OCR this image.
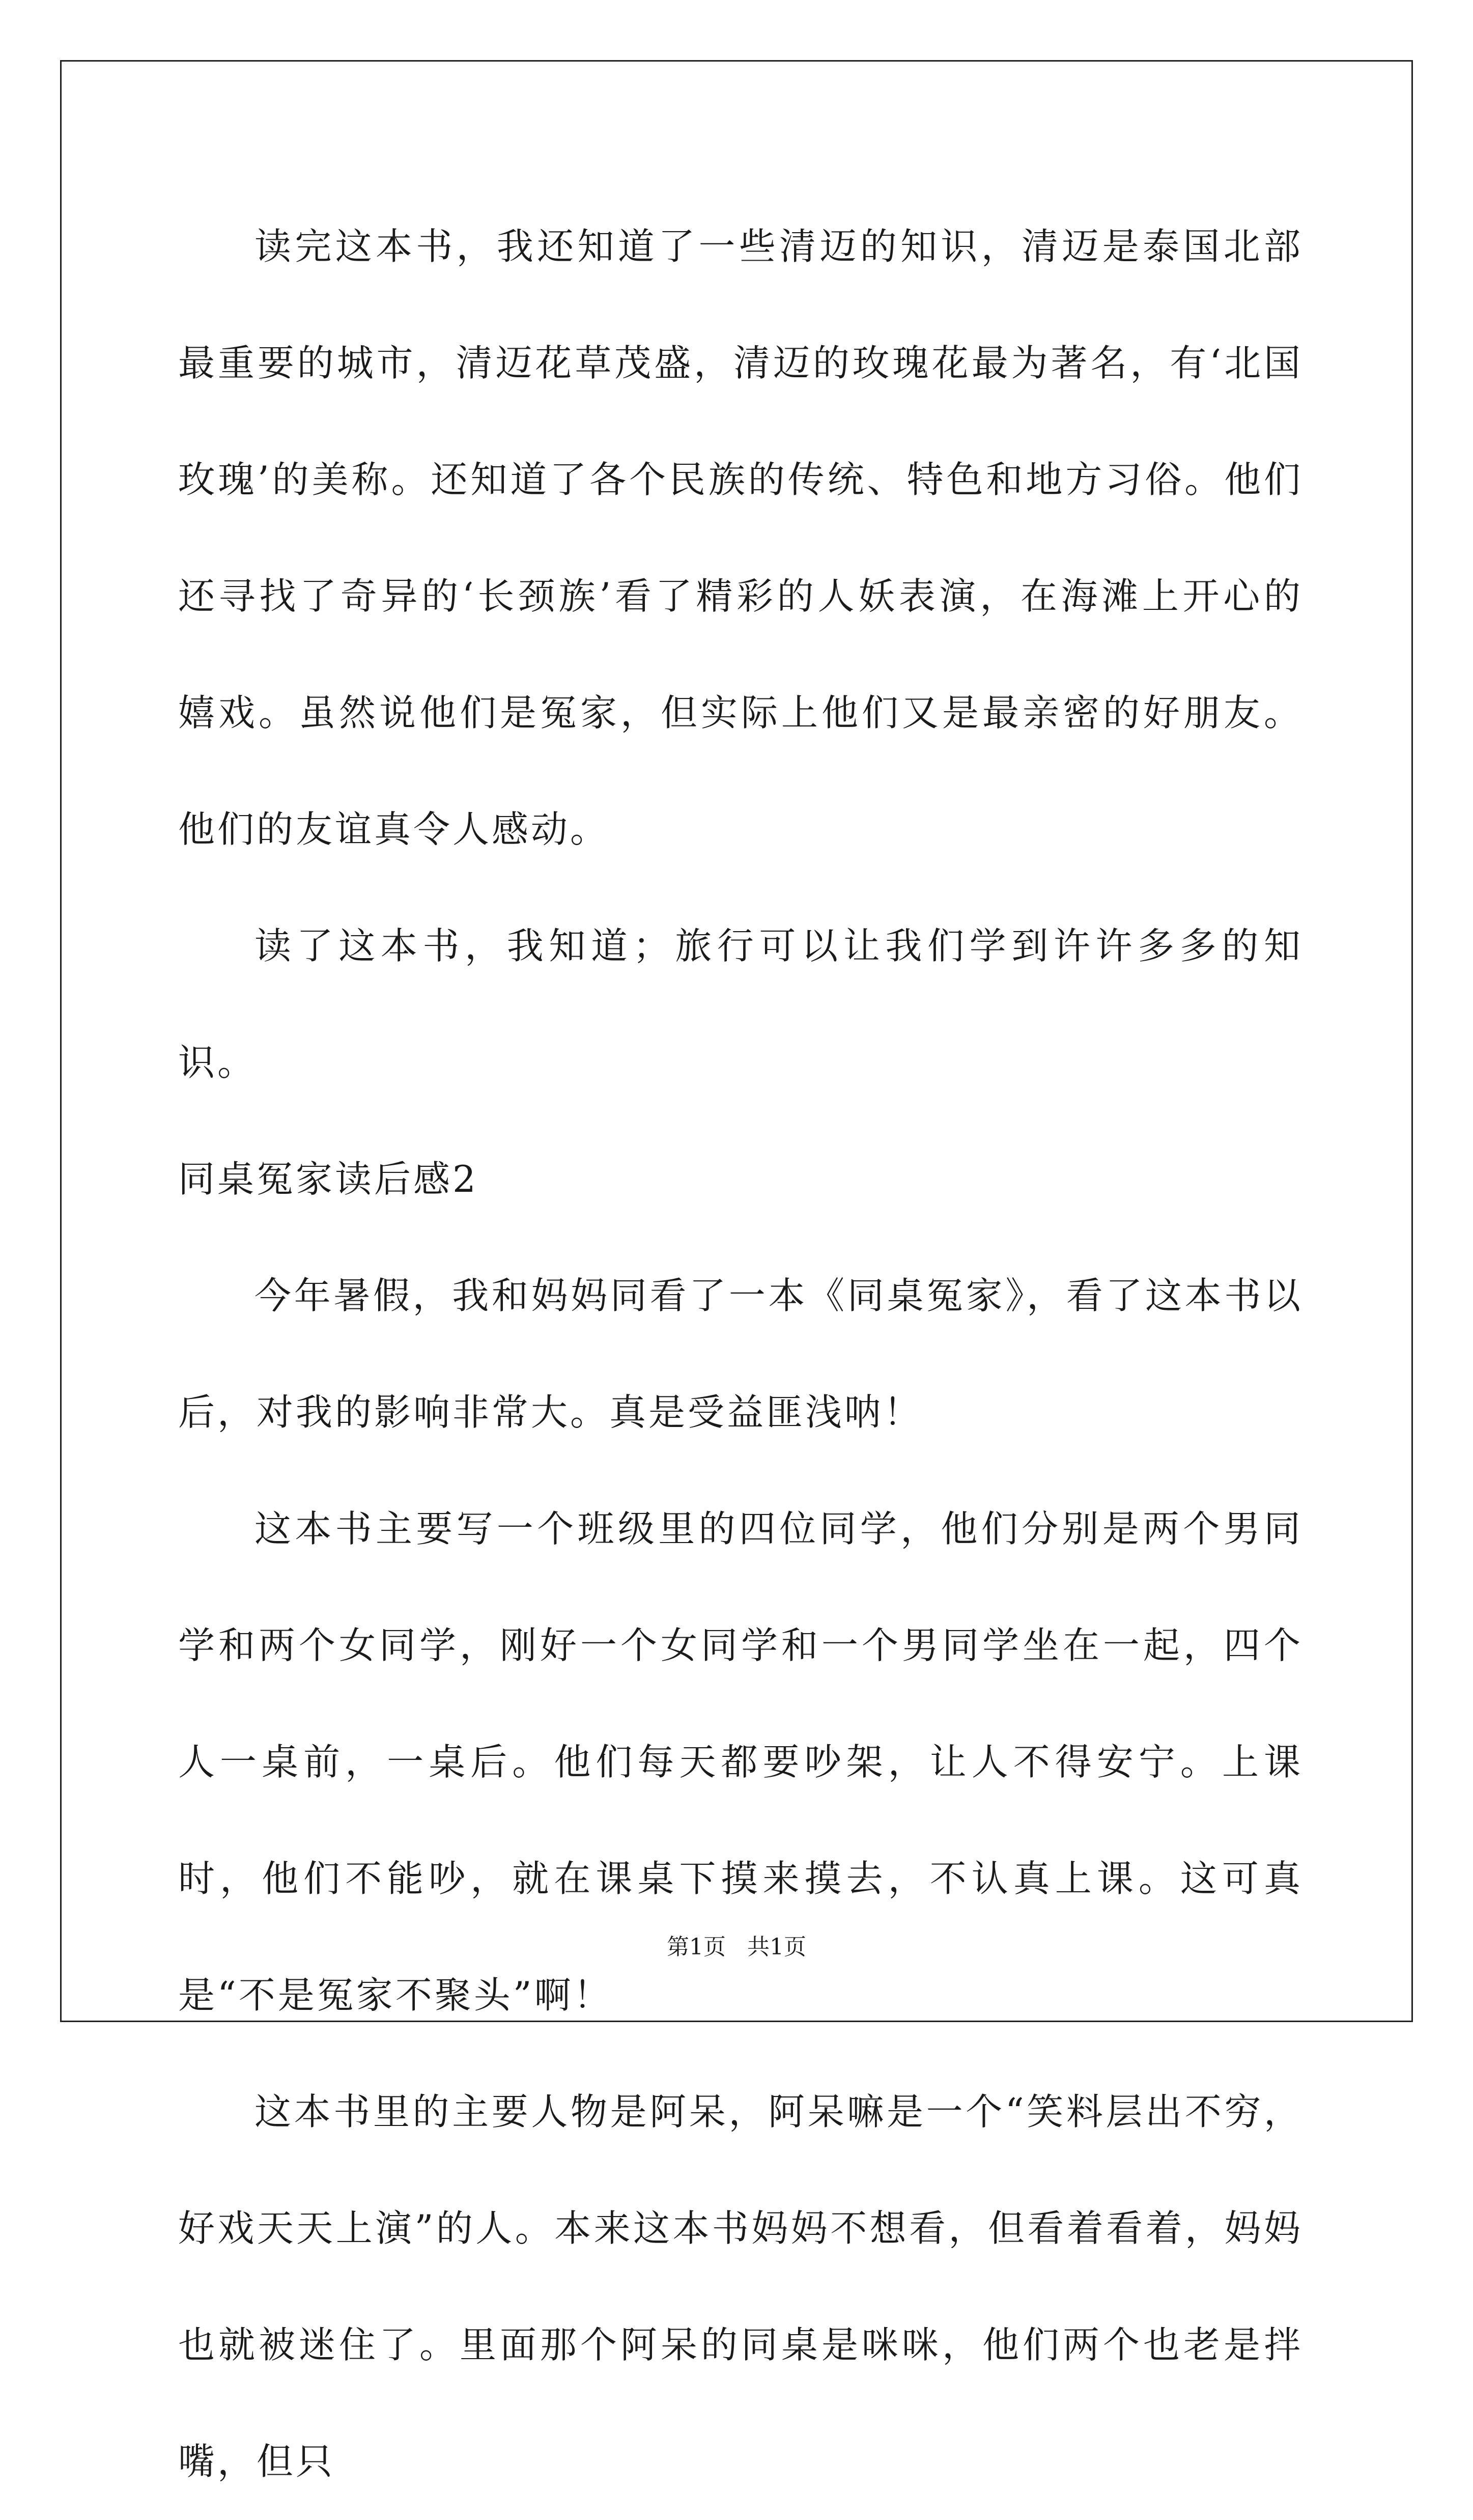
读完这本书，我还知道了一些清迈的知识，清迈是泰国北部最重要的城市，清迈花草茂盛，清迈的玫瑰花最为著名，有‘北国玫瑰’的美称。还知道了各个民族的传统、特色和地方习俗。他们还寻找了奇异的‘长颈族’看了精彩的人妖表演，在海滩上开心的嬉戏。虽然说他们是冤家，但实际上他们又是最亲密的好朋友。他们的友谊真令人感动。

读了这本书，我知道；旅行可以让我们学到许许多多的知识。

同桌冤家读后感2

今年暑假，我和妈妈同看了一本《同桌冤家》，看了这本书以后，对我的影响非常大。真是受益匪浅呐！

这本书主要写一个班级里的四位同学，他们分别是两个男同学和两个女同学，刚好一个女同学和一个男同学坐在一起，四个人一桌前，一桌后。他们每天都要吵架，让人不得安宁。上课时，他们不能吵，就在课桌下摸来摸去，不认真上课。这可真是“不是冤家不聚头”啊！

这本书里的主要人物是阿呆，阿呆嘛是一个“笑料层出不穷，好戏天天上演”的人。本来这本书妈妈不想看，但看着看着，妈妈也就被迷住了。里面那个阿呆的同桌是咪咪，他们两个也老是拌嘴，但只

第1页 共1页
